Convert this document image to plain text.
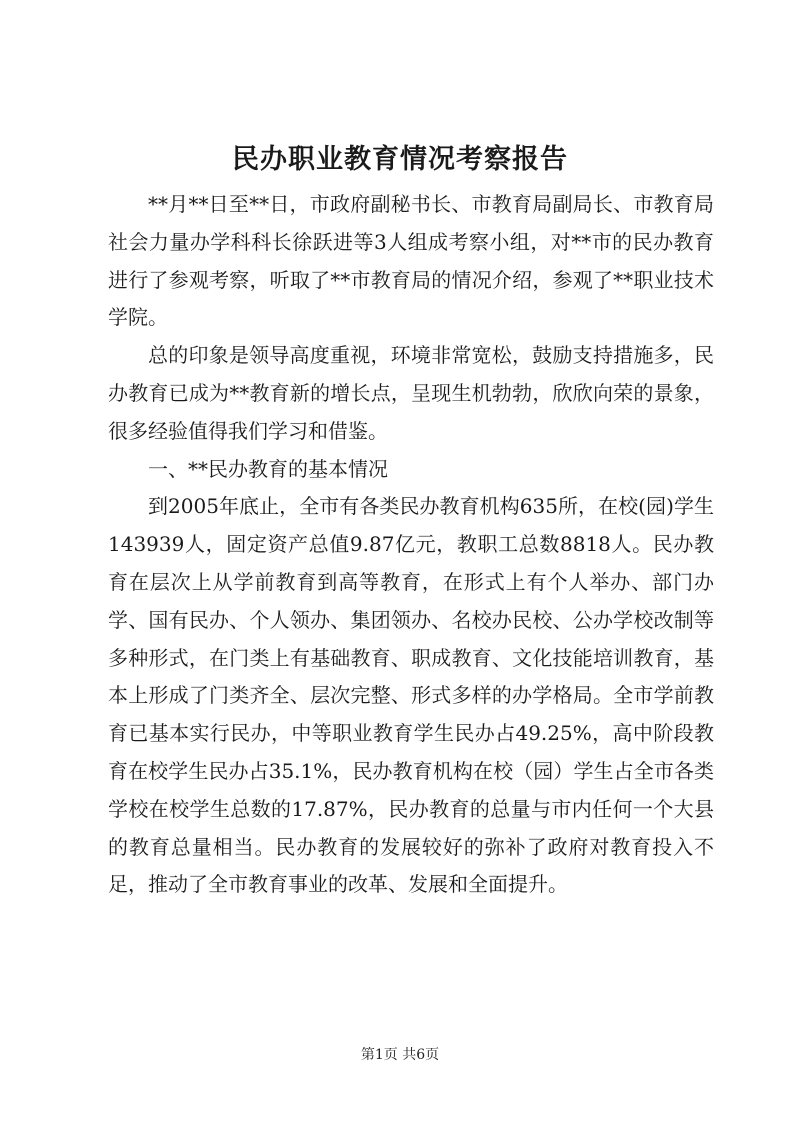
民办职业教育情况考察报告

**月**日至**日，市政府副秘书长、市教育局副局长、市教育局社会力量办学科科长徐跃进等3人组成考察小组，对**市的民办教育进行了参观考察，听取了**市教育局的情况介绍，参观了**职业技术学院。

总的印象是领导高度重视，环境非常宽松，鼓励支持措施多，民办教育已成为**教育新的增长点，呈现生机勃勃，欣欣向荣的景象，很多经验值得我们学习和借鉴。

一、**民办教育的基本情况

到2005年底止，全市有各类民办教育机构635所，在校(园)学生143939人，固定资产总值9.87亿元，教职工总数8818人。民办教育在层次上从学前教育到高等教育，在形式上有个人举办、部门办学、国有民办、个人领办、集团领办、名校办民校、公办学校改制等多种形式，在门类上有基础教育、职成教育、文化技能培训教育，基本上形成了门类齐全、层次完整、形式多样的办学格局。全市学前教育已基本实行民办，中等职业教育学生民办占49.25%，高中阶段教育在校学生民办占35.1%，民办教育机构在校（园）学生占全市各类学校在校学生总数的17.87%，民办教育的总量与市内任何一个大县的教育总量相当。民办教育的发展较好的弥补了政府对教育投入不足，推动了全市教育事业的改革、发展和全面提升。

第1页 共6页
